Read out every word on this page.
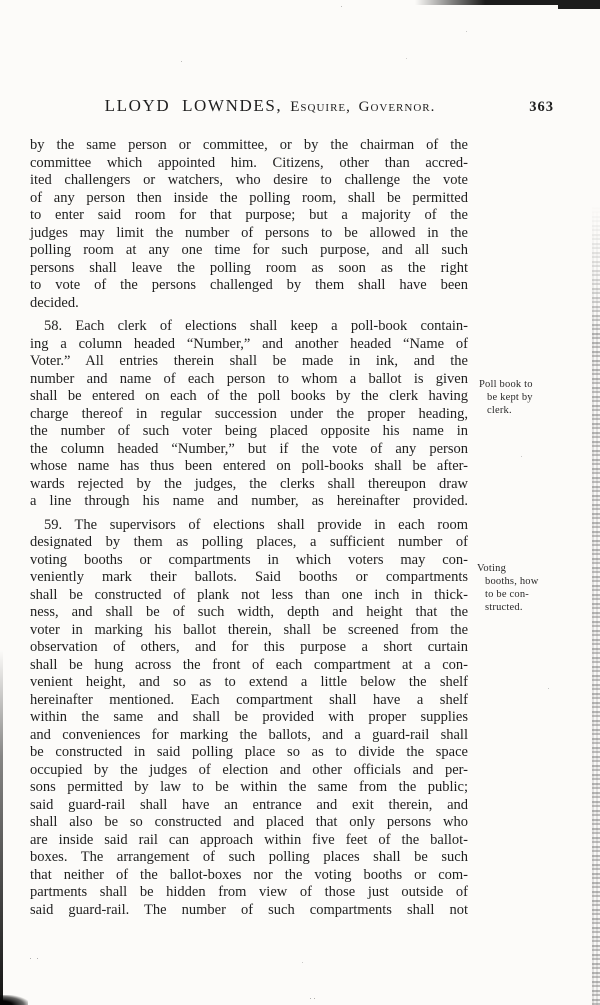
LLOYD LOWNDES, Esquire, Governor.	363
by the same person or committee, or by the chairman of the
committee which appointed him. Citizens, other than accred-
ited challengers or watchers, who desire to challenge the vote
of any person then inside the polling room, shall be permitted
to enter said room for that purpose; but a majority of the
judges may limit the number of persons to be allowed in the
polling room at any one time for such purpose, and all such
persons shall leave the polling room as soon as the right
to vote of the persons challenged by them shall have been
decided.
58. Each clerk of elections shall keep a poll-book contain-
ing a column headed “Number,” and another headed “Name of
Voter.” All entries therein shall be made in ink, and the
number and name of each person to whom a ballot is given
shall be entered on each of the poll books by the clerk having
charge thereof in regular succession under the proper heading,
the number of such voter being placed opposite his name in
the column headed “Number,” but if the vote of any person
whose name has thus been entered on poll-books shall be after-
wards rejected by the judges, the clerks shall thereupon draw
a line through his name and number, as hereinafter provided.
59. The supervisors of elections shall provide in each room
designated by them as polling places, a sufficient number of
voting booths or compartments in which voters may con-
veniently mark their ballots. Said booths or compartments
shall be constructed of plank not less than one inch in thick-
ness, and shall be of such width, depth and height that the
voter in marking his ballot therein, shall be screened from the
observation of others, and for this purpose a short curtain
shall be hung across the front of each compartment at a con-
venient height, and so as to extend a little below the shelf
hereinafter mentioned. Each compartment shall have a shelf
within the same and shall be provided with proper supplies
and conveniences for marking the ballots, and a guard-rail shall
be constructed in said polling place so as to divide the space
occupied by the judges of election and other officials and per-
sons permitted by law to be within the same from the public;
said guard-rail shall have an entrance and exit therein, and
shall also be so constructed and placed that only persons who
are inside said rail can approach within five feet of the ballot-
boxes. The arrangement of such polling places shall be such
that neither of the ballot-boxes nor the voting booths or com-
partments shall be hidden from view of those just outside of
said guard-rail. The number of such compartments shall not
Poll book to
be kept by
clerk.
Voting
booths, how
to be con-
structed.
